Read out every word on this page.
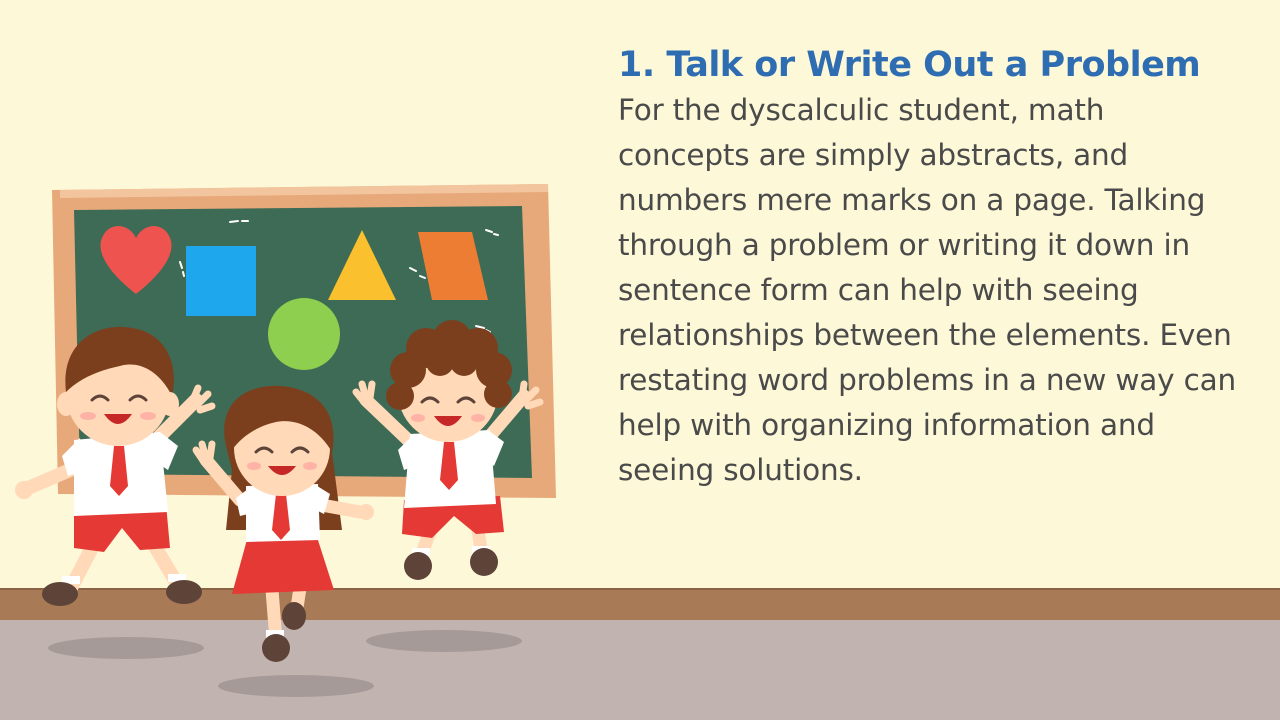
1. Talk or Write Out a Problem

For the dyscalculic student, math concepts are simply abstracts, and numbers mere marks on a page. Talking through a problem or writing it down in sentence form can help with seeing relationships between the elements. Even restating word problems in a new way can help with organizing information and seeing solutions.
